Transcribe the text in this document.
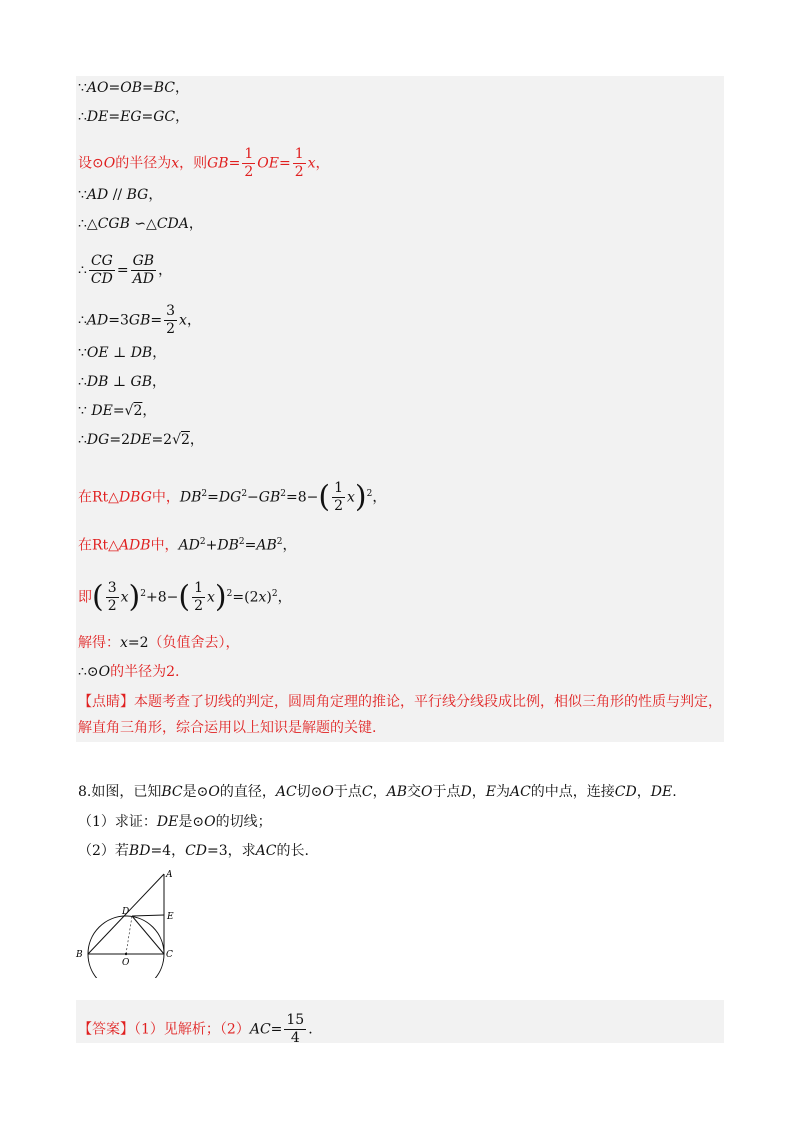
∵AO=OB=BC，
∴DE=EG=GC，
设⊙O的半径为x，则$GB= \frac{1}{2} OE= \frac{1}{2}$ x，
∵AD // BG，
∴△CGB ∽△CDA，
∴ $\frac{CG}{CD} = \frac{GB}{AD}$ ，
∴AD=3GB= $\frac{3}{2}$ x，
∵OE ⊥ DB，
∴DB ⊥ GB，
∵ DE=√2，
∴DG=2DE=2√2，
在Rt△DBG中，$DB^2=DG^2-GB^2=8-( \frac{1}{2} x)^2$，
在Rt△ADB中，$AD^2+DB^2=AB^2$，
即( $\frac{3}{2} x)^2+8-( \frac{1}{2} x)^2=(2x)^2$，
解得：x=2（负值舍去），
∴⊙O的半径为2.
【点睛】本题考查了切线的判定，圆周角定理的推论，平行线分线段成比例，相似三角形的性质与判定，解直角三角形，综合运用以上知识是解题的关键.
8.如图，已知BC是⊙O的直径，AC切⊙O于点C，AB交O于点D，E为AC的中点，连接CD，DE.
（1）求证：DE是⊙O的切线；
（2）若BD=4，CD=3，求AC的长.
A
D	E
B
O
C
【答案】（1）见解析；$(2)AC= \frac{15}{4}$ .
